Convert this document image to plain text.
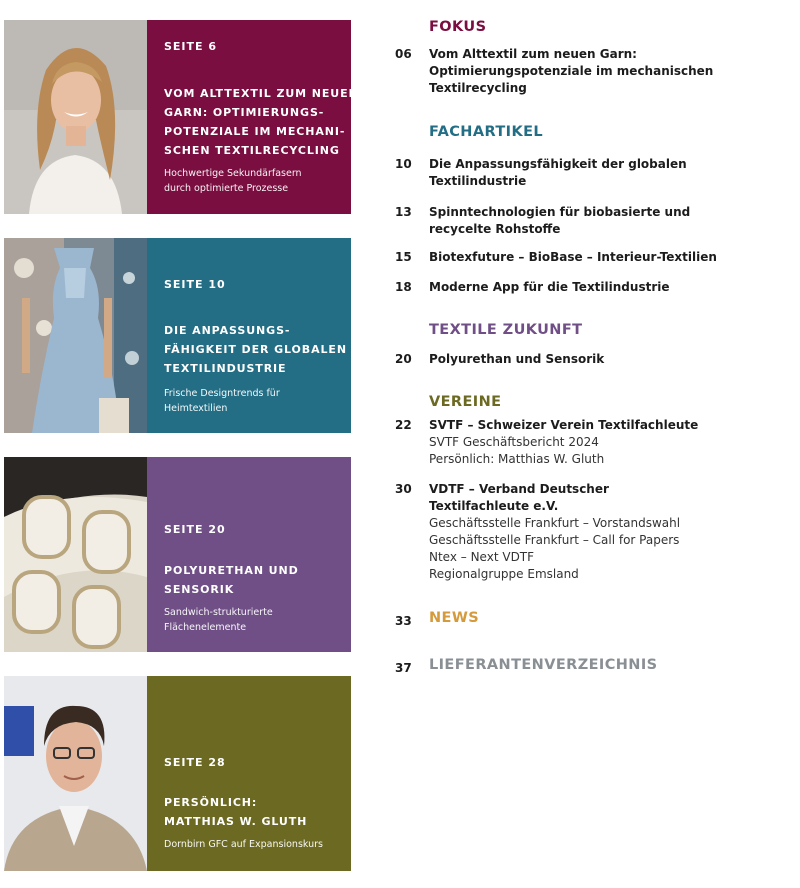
SEITE 6
VOM ALTTEXTIL ZUM NEUEN
GARN: OPTIMIERUNGS-
POTENZIALE IM MECHANI-
SCHEN TEXTILRECYCLING
Hochwertige Sekundärfasern
durch optimierte Prozesse
SEITE 10
DIE ANPASSUNGS-
FÄHIGKEIT DER GLOBALEN
TEXTILINDUSTRIE
Frische Designtrends für
Heimtextilien
SEITE 20
POLYURETHAN UND
SENSORIK
Sandwich-strukturierte
Flächenelemente
SEITE 28
PERSÖNLICH:
MATTHIAS W. GLUTH
Dornbirn GFC auf Expansionskurs
FOKUS
06 Vom Alttextil zum neuen Garn:
Optimierungspotenziale im mechanischen
Textilrecycling
FACHARTIKEL
10 Die Anpassungsfähigkeit der globalen
Textilindustrie
13 Spinntechnologien für biobasierte und
recycelte Rohstoffe
15 Biotexfuture – BioBase – Interieur-Textilien
18 Moderne App für die Textilindustrie
TEXTILE ZUKUNFT
20 Polyurethan und Sensorik
VEREINE
22 SVTF – Schweizer Verein Textilfachleute
SVTF Geschäftsbericht 2024
Persönlich: Matthias W. Gluth
30 VDTF – Verband Deutscher
Textilfachleute e.V.
Geschäftsstelle Frankfurt – Vorstandswahl
Geschäftsstelle Frankfurt – Call for Papers
Ntex – Next VDTF
Regionalgruppe Emsland
33 NEWS
37 LIEFERANTENVERZEICHNIS
